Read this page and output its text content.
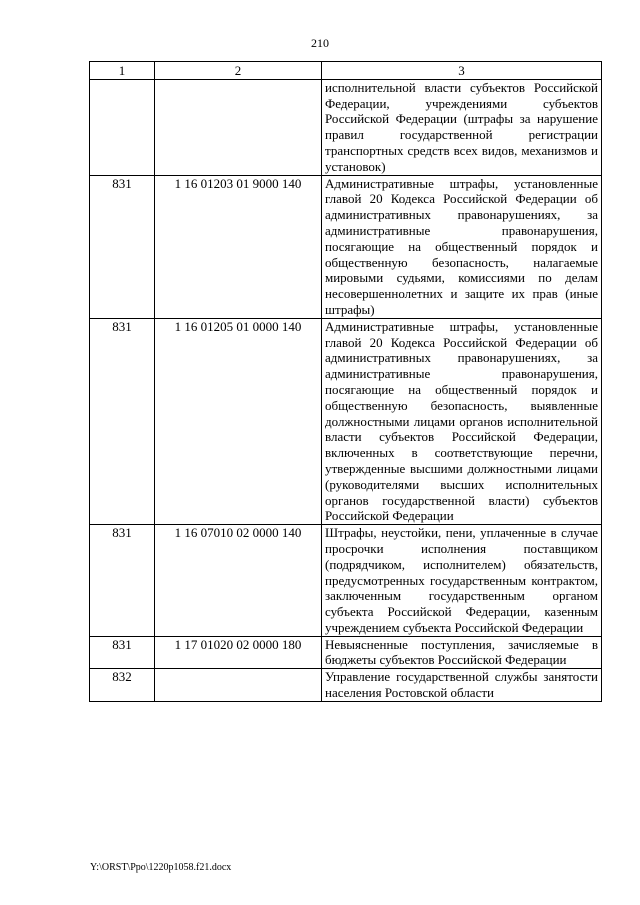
210
1	2	3
		исполнительной власти субъектов Российской Федерации, учреждениями субъектов Российской Федерации (штрафы за нарушение правил государственной регистрации транспортных средств всех видов, механизмов и установок)
831	1 16 01203 01 9000 140	Административные штрафы, установленные главой 20 Кодекса Российской Федерации об административных правонарушениях, за административные правонарушения, посягающие на общественный порядок и общественную безопасность, налагаемые мировыми судьями, комиссиями по делам несовершеннолетних и защите их прав (иные штрафы)
831	1 16 01205 01 0000 140	Административные штрафы, установленные главой 20 Кодекса Российской Федерации об административных правонарушениях, за административные правонарушения, посягающие на общественный порядок и общественную безопасность, выявленные должностными лицами органов исполнительной власти субъектов Российской Федерации, включенных в соответствующие перечни, утвержденные высшими должностными лицами (руководителями высших исполнительных органов государственной власти) субъектов Российской Федерации
831	1 16 07010 02 0000 140	Штрафы, неустойки, пени, уплаченные в случае просрочки исполнения поставщиком (подрядчиком, исполнителем) обязательств, предусмотренных государственным контрактом, заключенным государственным органом субъекта Российской Федерации, казенным учреждением субъекта Российской Федерации
831	1 17 01020 02 0000 180	Невыясненные поступления, зачисляемые в бюджеты субъектов Российской Федерации
832		Управление государственной службы занятости населения Ростовской области
Y:\ORST\Ppo\1220p1058.f21.docx
